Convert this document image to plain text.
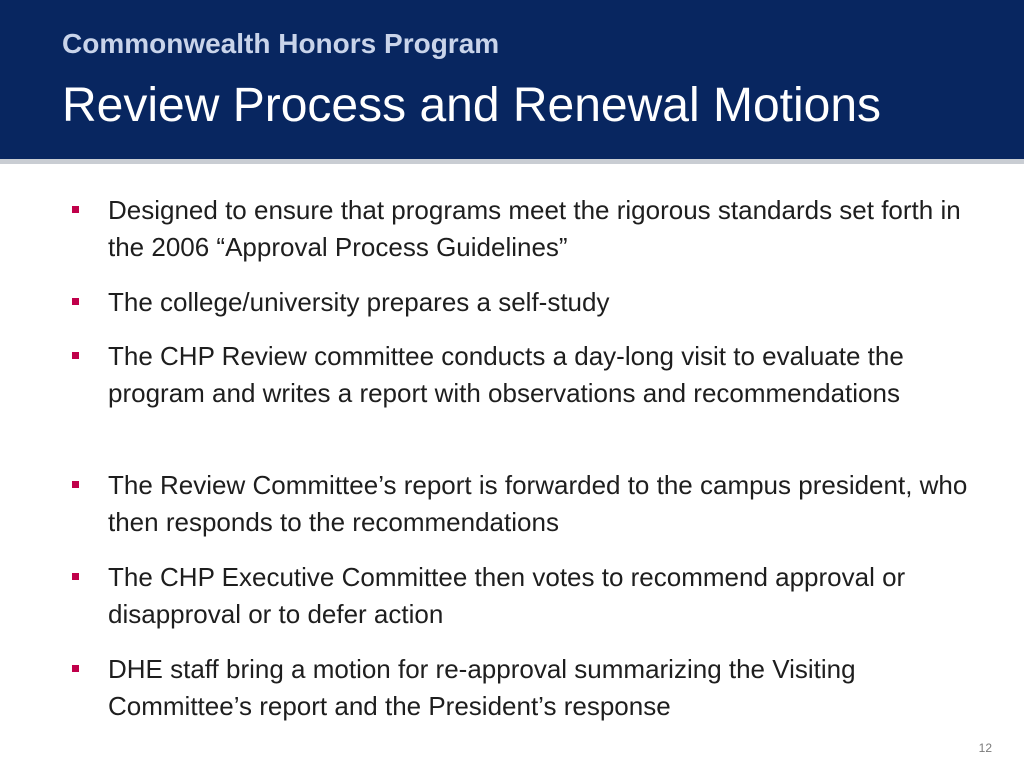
Commonwealth Honors Program
Review Process and Renewal Motions
Designed to ensure that programs meet the rigorous standards set forth in the 2006 “Approval Process Guidelines”
The college/university prepares a self-study
The CHP Review committee conducts a day-long visit to evaluate the program and writes a report with observations and recommendations
The Review Committee’s report is forwarded to the campus president, who then responds to the recommendations
The CHP Executive Committee then votes to recommend approval or disapproval or to defer action
DHE staff bring a motion for re-approval summarizing the Visiting Committee’s report and the President’s response
12
